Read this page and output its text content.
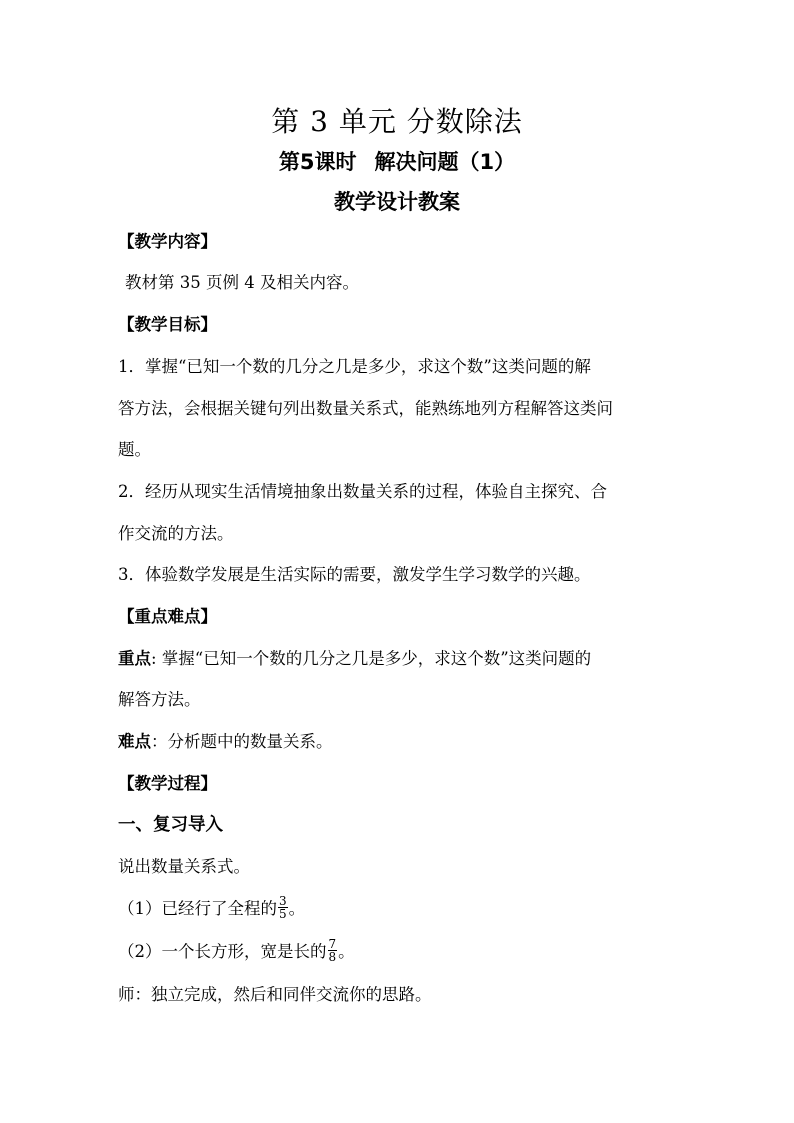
第 3 单元 分数除法
第5课时 解决问题（1）
教学设计教案

【教学内容】

教材第 35 页例 4 及相关内容。

【教学目标】

1．掌握“已知一个数的几分之几是多少，求这个数”这类问题的解

答方法，会根据关键句列出数量关系式，能熟练地列方程解答这类问

题。

2．经历从现实生活情境抽象出数量关系的过程，体验自主探究、合

作交流的方法。

3．体验数学发展是生活实际的需要，激发学生学习数学的兴趣。

【重点难点】

重点: 掌握“已知一个数的几分之几是多少，求这个数”这类问题的

解答方法。

难点：分析题中的数量关系。

【教学过程】

一、复习导入

说出数量关系式。

（1）已经行了全程的 $\frac{3}{5}$ 。

（2）一个长方形，宽是长的 $\frac{7}{8}$ 。

师：独立完成，然后和同伴交流你的思路。
